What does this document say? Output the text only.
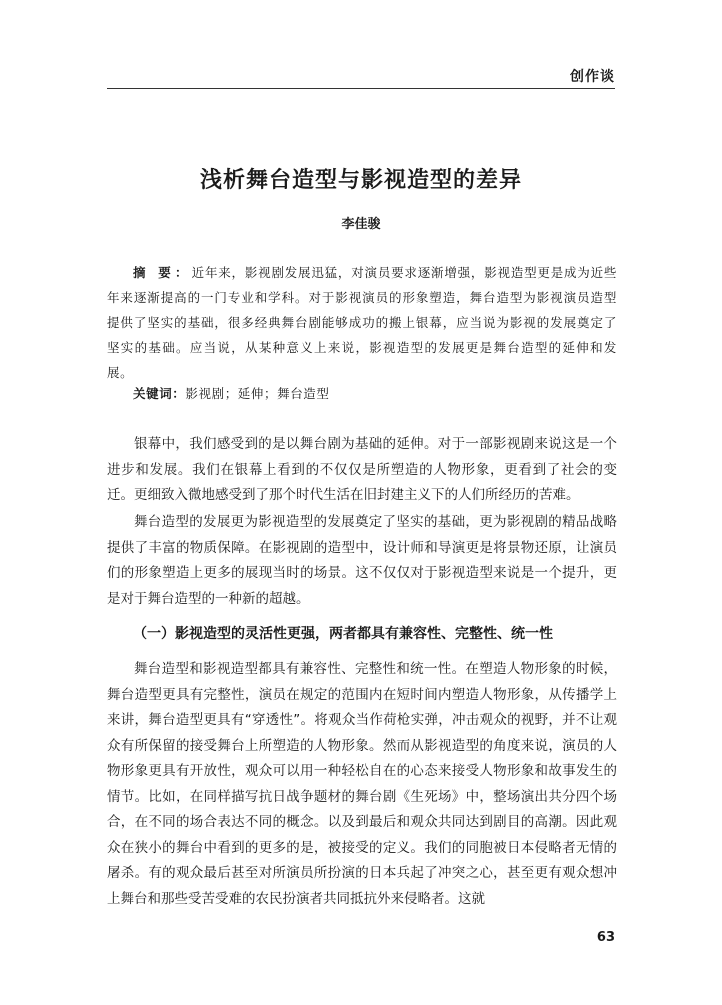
创作谈
浅析舞台造型与影视造型的差异
李佳骏
摘 要：近年来，影视剧发展迅猛，对演员要求逐渐增强，影视造型更是成为近些年来逐渐提高的一门专业和学科。对于影视演员的形象塑造，舞台造型为影视演员造型提供了坚实的基础，很多经典舞台剧能够成功的搬上银幕，应当说为影视的发展奠定了坚实的基础。应当说，从某种意义上来说，影视造型的发展更是舞台造型的延伸和发展。
关键词：影视剧；延伸；舞台造型

银幕中，我们感受到的是以舞台剧为基础的延伸。对于一部影视剧来说这是一个进步和发展。我们在银幕上看到的不仅仅是所塑造的人物形象，更看到了社会的变迁。更细致入微地感受到了那个时代生活在旧封建主义下的人们所经历的苦难。

舞台造型的发展更为影视造型的发展奠定了坚实的基础，更为影视剧的精品战略提供了丰富的物质保障。在影视剧的造型中，设计师和导演更是将景物还原，让演员们的形象塑造上更多的展现当时的场景。这不仅仅对于影视造型来说是一个提升，更是对于舞台造型的一种新的超越。

（一）影视造型的灵活性更强，两者都具有兼容性、完整性、统一性

舞台造型和影视造型都具有兼容性、完整性和统一性。在塑造人物形象的时候，舞台造型更具有完整性，演员在规定的范围内在短时间内塑造人物形象，从传播学上来讲，舞台造型更具有“穿透性”。将观众当作荷枪实弹，冲击观众的视野，并不让观众有所保留的接受舞台上所塑造的人物形象。然而从影视造型的角度来说，演员的人物形象更具有开放性，观众可以用一种轻松自在的心态来接受人物形象和故事发生的情节。比如，在同样描写抗日战争题材的舞台剧《生死场》中，整场演出共分四个场合，在不同的场合表达不同的概念。以及到最后和观众共同达到剧目的高潮。因此观众在狭小的舞台中看到的更多的是，被接受的定义。我们的同胞被日本侵略者无情的屠杀。有的观众最后甚至对所演员所扮演的日本兵起了冲突之心，甚至更有观众想冲上舞台和那些受苦受难的农民扮演者共同抵抗外来侵略者。这就

63
